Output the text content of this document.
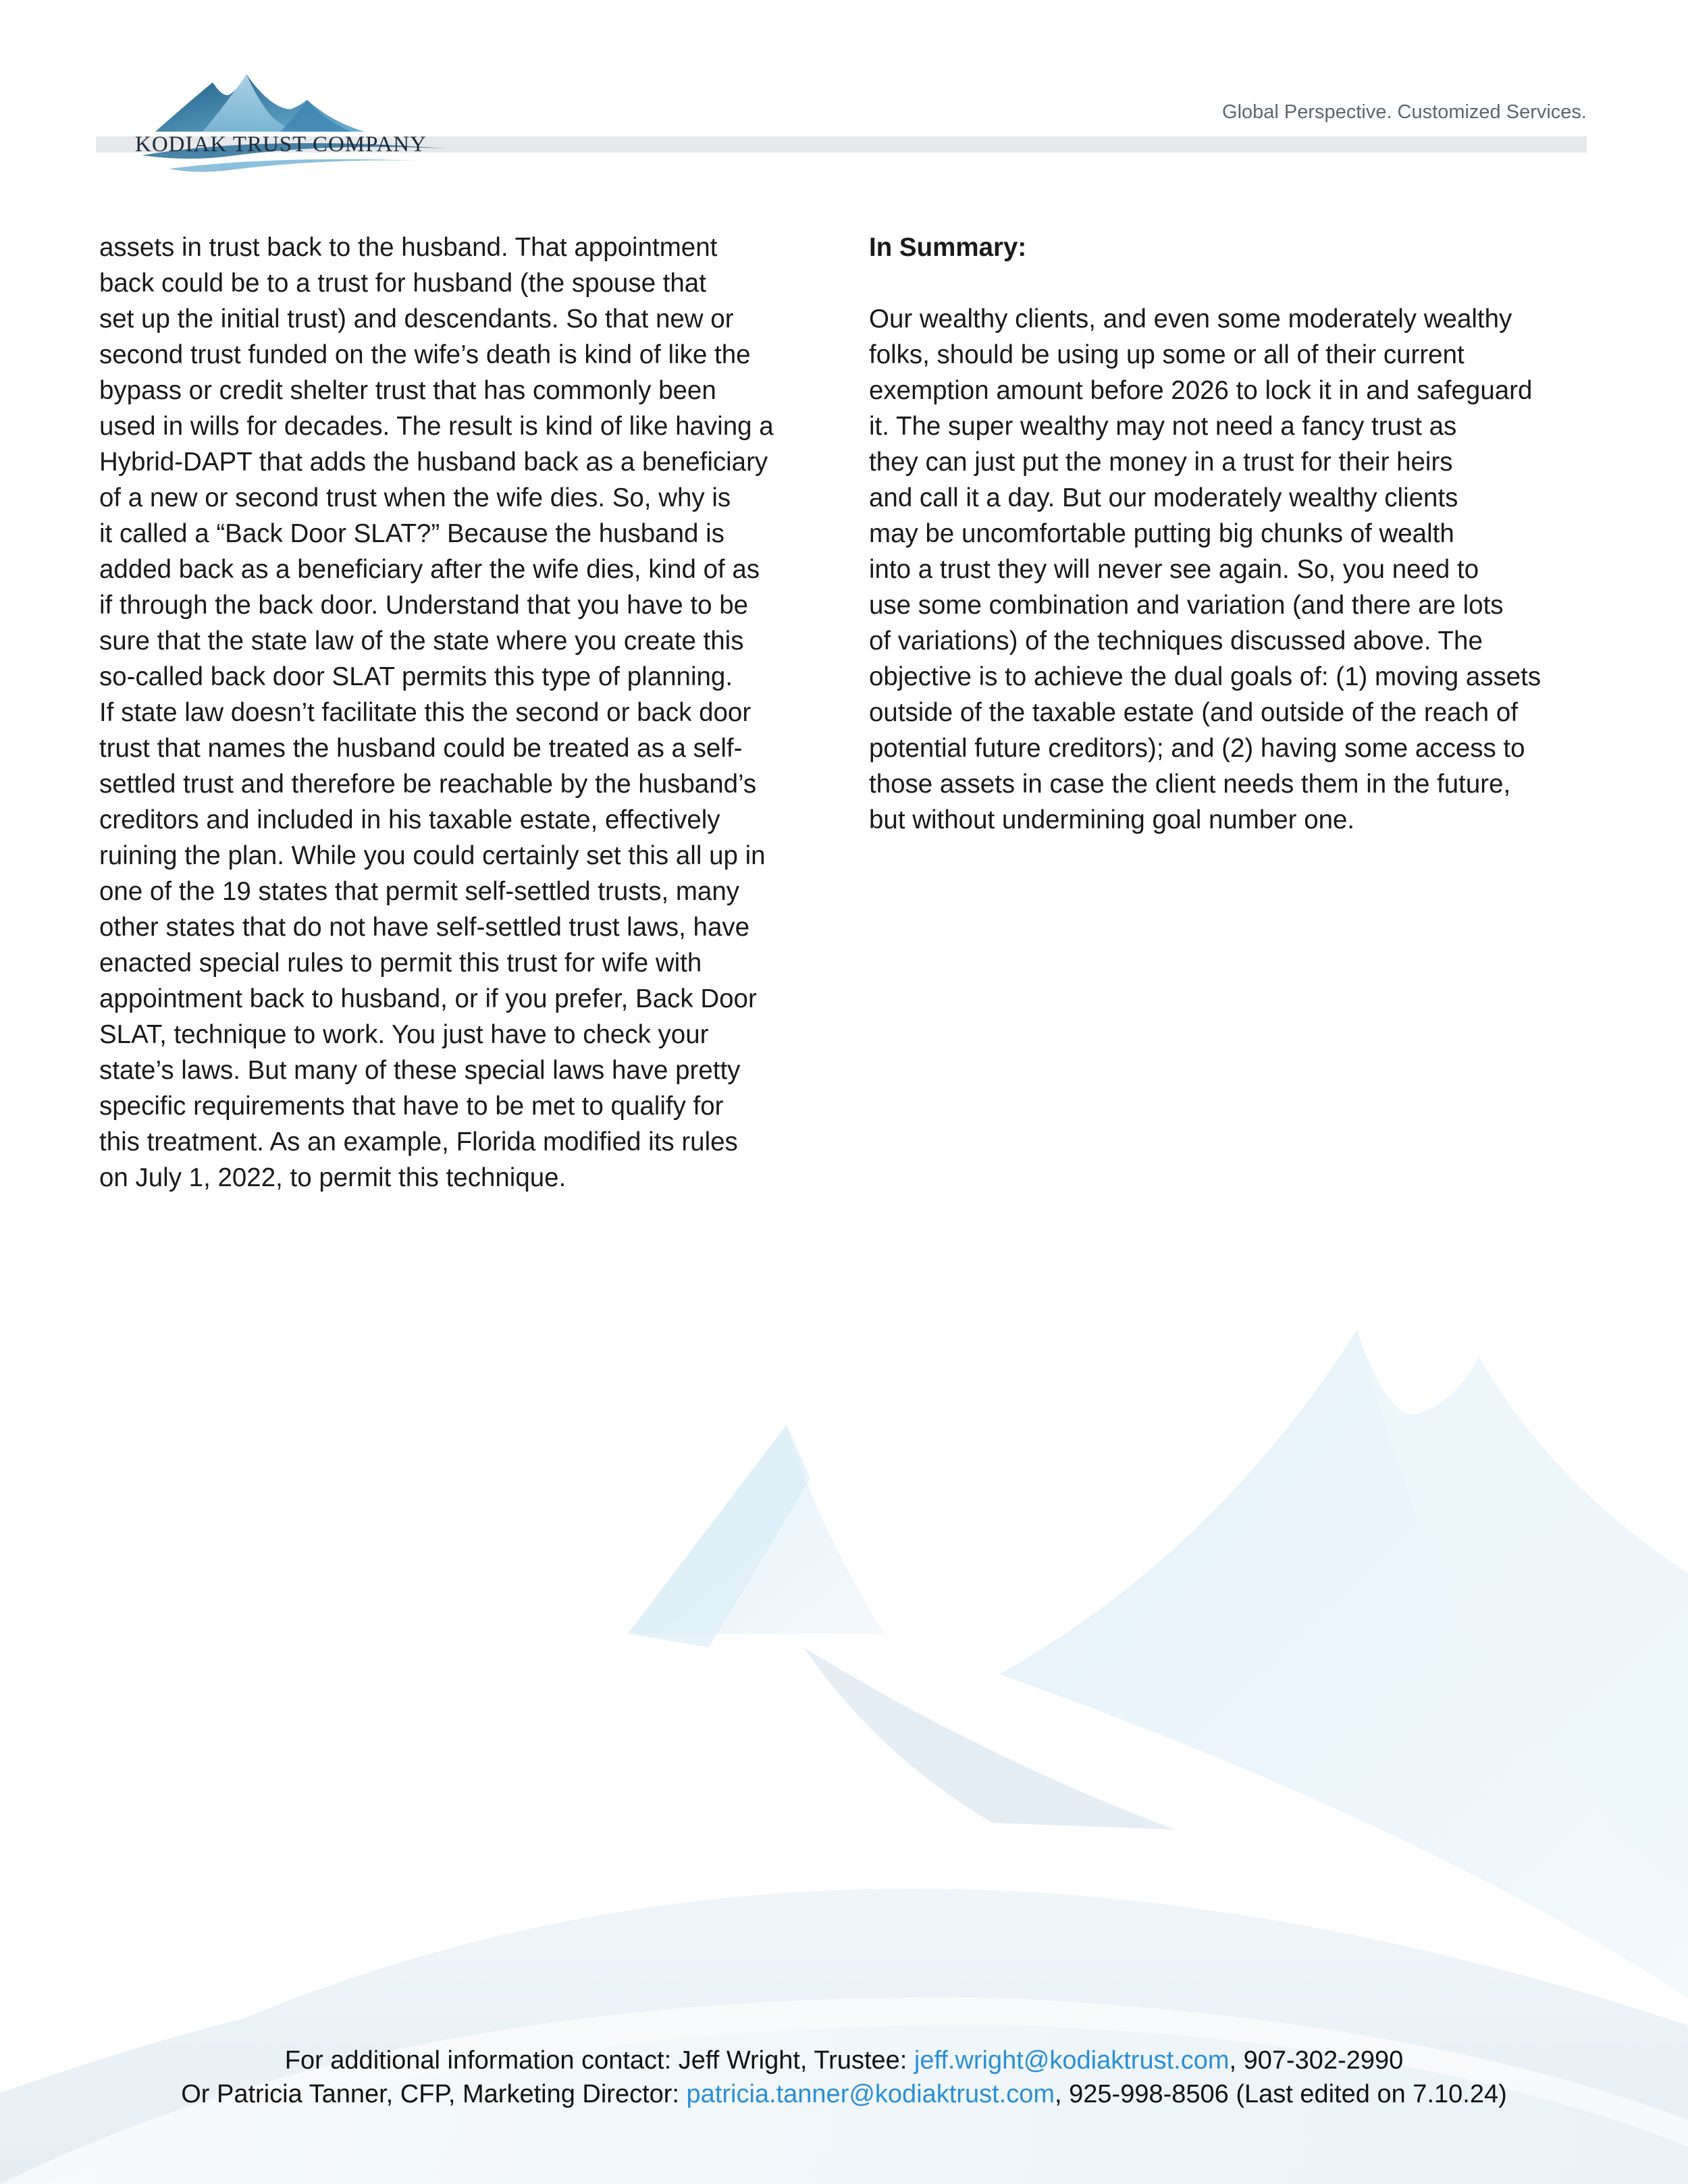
KODIAK TRUST COMPANY
Global Perspective. Customized Services.
assets in trust back to the husband. That appointment
back could be to a trust for husband (the spouse that
set up the initial trust) and descendants. So that new or
second trust funded on the wife’s death is kind of like the
bypass or credit shelter trust that has commonly been
used in wills for decades. The result is kind of like having a
Hybrid-DAPT that adds the husband back as a beneficiary
of a new or second trust when the wife dies. So, why is
it called a “Back Door SLAT?” Because the husband is
added back as a beneficiary after the wife dies, kind of as
if through the back door. Understand that you have to be
sure that the state law of the state where you create this
so-called back door SLAT permits this type of planning.
If state law doesn’t facilitate this the second or back door
trust that names the husband could be treated as a self-
settled trust and therefore be reachable by the husband’s
creditors and included in his taxable estate, effectively
ruining the plan. While you could certainly set this all up in
one of the 19 states that permit self-settled trusts, many
other states that do not have self-settled trust laws, have
enacted special rules to permit this trust for wife with
appointment back to husband, or if you prefer, Back Door
SLAT, technique to work. You just have to check your
state’s laws. But many of these special laws have pretty
specific requirements that have to be met to qualify for
this treatment. As an example, Florida modified its rules
on July 1, 2022, to permit this technique.
In Summary:
Our wealthy clients, and even some moderately wealthy
folks, should be using up some or all of their current
exemption amount before 2026 to lock it in and safeguard
it. The super wealthy may not need a fancy trust as
they can just put the money in a trust for their heirs
and call it a day. But our moderately wealthy clients
may be uncomfortable putting big chunks of wealth
into a trust they will never see again. So, you need to
use some combination and variation (and there are lots
of variations) of the techniques discussed above. The
objective is to achieve the dual goals of: (1) moving assets
outside of the taxable estate (and outside of the reach of
potential future creditors); and (2) having some access to
those assets in case the client needs them in the future,
but without undermining goal number one.
For additional information contact: Jeff Wright, Trustee: jeff.wright@kodiaktrust.com, 907-302-2990
Or Patricia Tanner, CFP, Marketing Director: patricia.tanner@kodiaktrust.com, 925-998-8506 (Last edited on 7.10.24)
